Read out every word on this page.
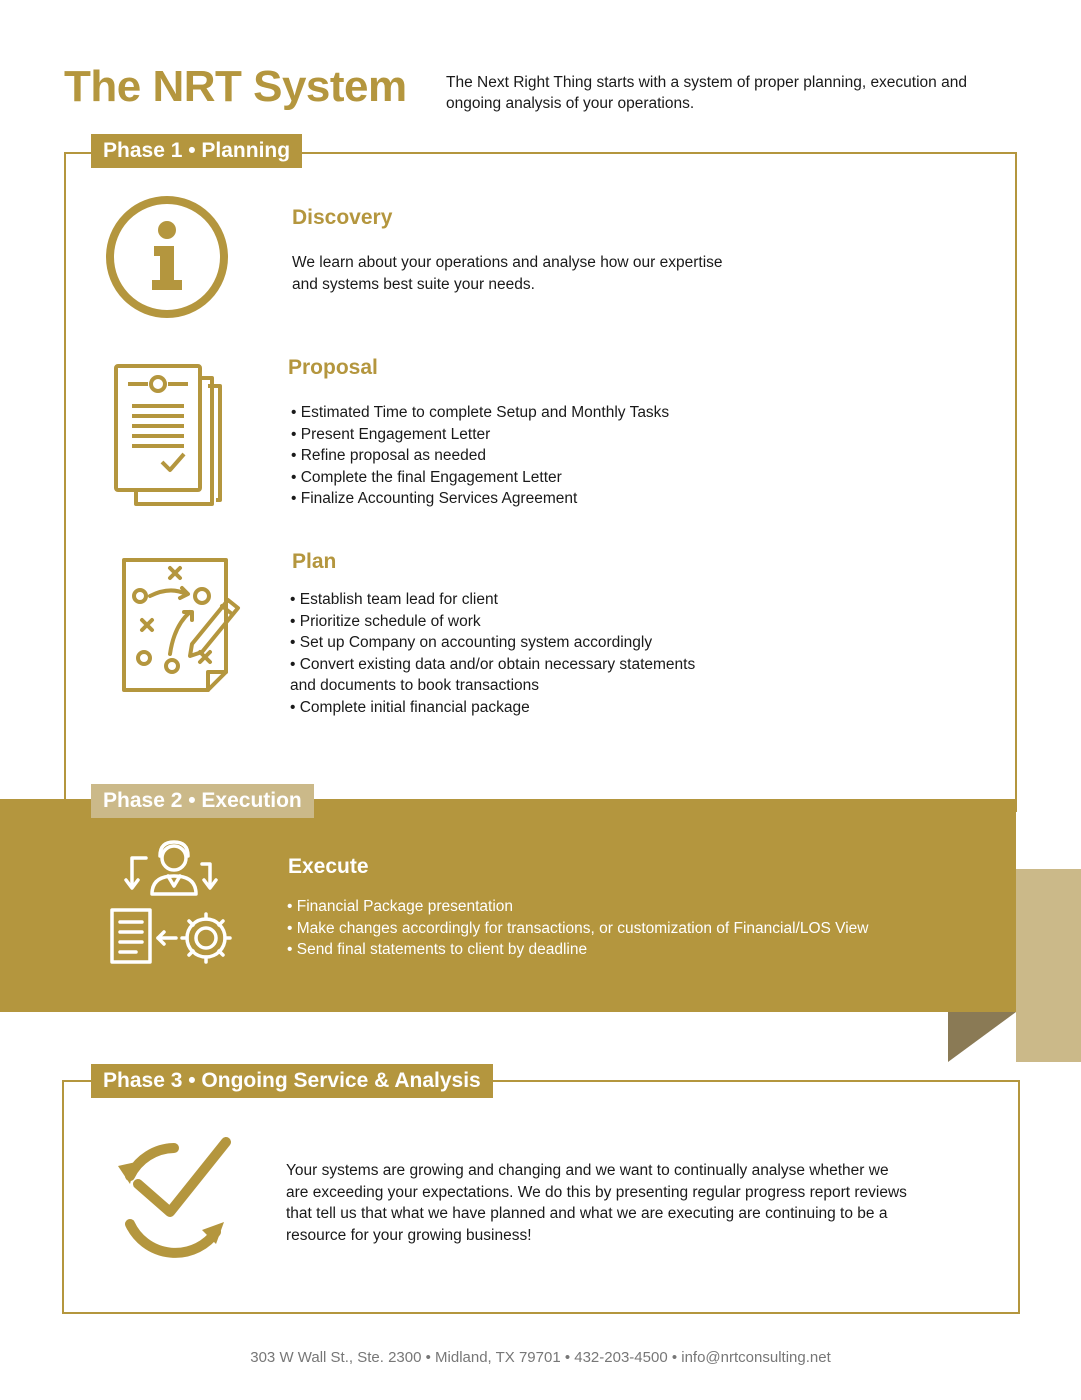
The NRT System	The Next Right Thing starts with a system of proper planning, execution and
ongoing analysis of your operations.
Phase 1 • Planning
Discovery
We learn about your operations and analyse how our expertise
and systems best suite your needs.
Proposal
• Estimated Time to complete Setup and Monthly Tasks
• Present Engagement Letter
• Refine proposal as needed
• Complete the final Engagement Letter
• Finalize Accounting Services Agreement
Plan
• Establish team lead for client
• Prioritize schedule of work
• Set up Company on accounting system accordingly
• Convert existing data and/or obtain necessary statements
and documents to book transactions
• Complete initial financial package
Phase 2 • Execution
Execute
• Financial Package presentation
• Make changes accordingly for transactions, or customization of Financial/LOS View
• Send final statements to client by deadline
Phase 3 • Ongoing Service & Analysis
Your systems are growing and changing and we want to continually analyse whether we
are exceeding your expectations. We do this by presenting regular progress report reviews
that tell us that what we have planned and what we are executing are continuing to be a
resource for your growing business!
303 W Wall St., Ste. 2300 • Midland, TX 79701 • 432-203-4500 • info@nrtconsulting.net
